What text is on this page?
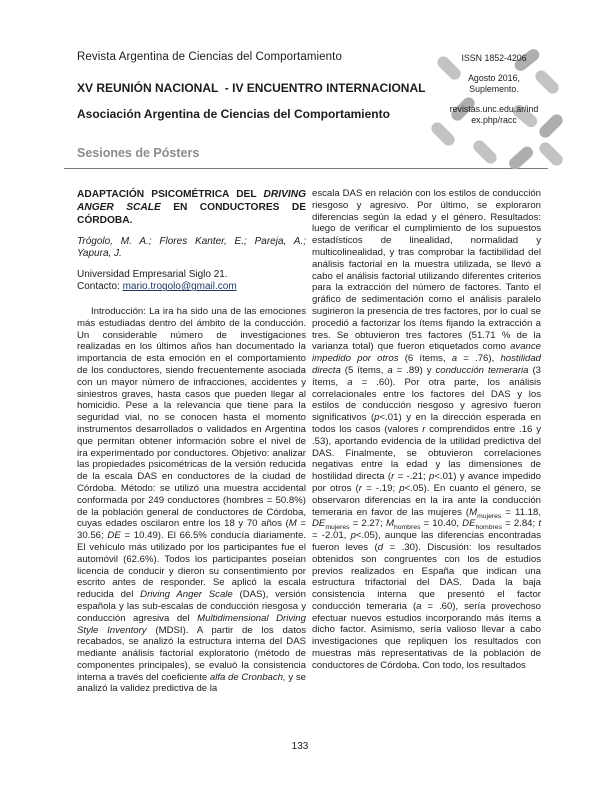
Revista Argentina de Ciencias del Comportamiento
XV REUNIÓN NACIONAL  - IV ENCUENTRO INTERNACIONAL
Asociación Argentina de Ciencias del Comportamiento
ISSN 1852-4206
Agosto 2016,
Suplemento.
revistas.unc.edu.ar/ind
ex.php/racc
Sesiones de Pósters
ADAPTACIÓN PSICOMÉTRICA DEL DRIVING ANGER SCALE EN CONDUCTORES DE CÓRDOBA.
Trógolo, M. A.; Flores Kanter, E.; Pareja, A.; Yapura, J.
Universidad Empresarial Siglo 21.
Contacto: mario.trogolo@gmail.com
Introducción: La ira ha sido una de las emociones más estudiadas dentro del ámbito de la conducción. Un considerable número de investigaciones realizadas en los últimos años han documentado la importancia de esta emoción en el comportamiento de los conductores, siendo frecuentemente asociada con un mayor número de infracciones, accidentes y siniestros graves, hasta casos que pueden llegar al homicidio. Pese a la relevancia que tiene para la seguridad vial, no se conocen hasta el momento instrumentos desarrollados o validados en Argentina que permitan obtener información sobre el nivel de ira experimentado por conductores. Objetivo: analizar las propiedades psicométricas de la versión reducida de la escala DAS en conductores de la ciudad de Córdoba. Método: se utilizó una muestra accidental conformada por 249 conductores (hombres = 50.8%) de la población general de conductores de Córdoba, cuyas edades oscilaron entre los 18 y 70 años (M = 30.56; DE = 10.49). El 66.5% conducía diariamente. El vehículo más utilizado por los participantes fue el automóvil (62.6%). Todos los participantes poseían licencia de conducir y dieron su consentimiento por escrito antes de responder. Se aplicó la escala reducida del Driving Anger Scale (DAS), versión española y las sub-escalas de conducción riesgosa y conducción agresiva del Multidimensional Driving Style Inventory (MDSI). A partir de los datos recabados, se analizó la estructura interna del DAS mediante análisis factorial exploratorio (método de componentes principales), se evaluó la consistencia interna a través del coeficiente alfa de Cronbach, y se analizó la validez predictiva de la
escala DAS en relación con los estilos de conducción riesgoso y agresivo. Por último, se exploraron diferencias según la edad y el género. Resultados: luego de verificar el cumplimiento de los supuestos estadísticos de linealidad, normalidad y multicolinealidad, y tras comprobar la factibilidad del análisis factorial en la muestra utilizada, se llevó a cabo el análisis factorial utilizando diferentes criterios para la extracción del número de factores. Tanto el gráfico de sedimentación como el análisis paralelo sugirieron la presencia de tres factores, por lo cual se procedió a factorizar los ítems fijando la extracción a tres. Se obtuvieron tres factores (51.71 % de la varianza total) que fueron etiquetados como avance impedido por otros (6 ítems, a = .76), hostilidad directa (5 ítems, a = .89) y conducción temeraria (3 ítems, a = .60). Por otra parte, los análisis correlacionales entre los factores del DAS y los estilos de conducción riesgoso y agresivo fueron significativos (p<.01) y en la dirección esperada en todos los casos (valores r comprendidos entre .16 y .53), aportando evidencia de la utilidad predictiva del DAS. Finalmente, se obtuvieron correlaciones negativas entre la edad y las dimensiones de hostilidad directa (r = -.21; p<.01) y avance impedido por otros (r = -.19; p<.05). En cuanto el género, se observaron diferencias en la ira ante la conducción temeraria en favor de las mujeres ($M_{mujeres} = 11.18$, $DE_{mujeres} = 2.27$; $M_{hombres} = 10.40$, $DE_{hombres} = 2.84$; t = -2.01, p<.05), aunque las diferencias encontradas fueron leves (d = .30). Discusión: los resultados obtenidos son congruentes con los de estudios previos realizados en España que indican una estructura trifactorial del DAS. Dada la baja consistencia interna que presentó el factor conducción temeraria (a = .60), sería provechoso efectuar nuevos estudios incorporando más ítems a dicho factor. Asimismo, sería valioso llevar a cabo investigaciones que repliquen los resultados con muestras más representativas de la población de conductores de Córdoba. Con todo, los resultados
133
